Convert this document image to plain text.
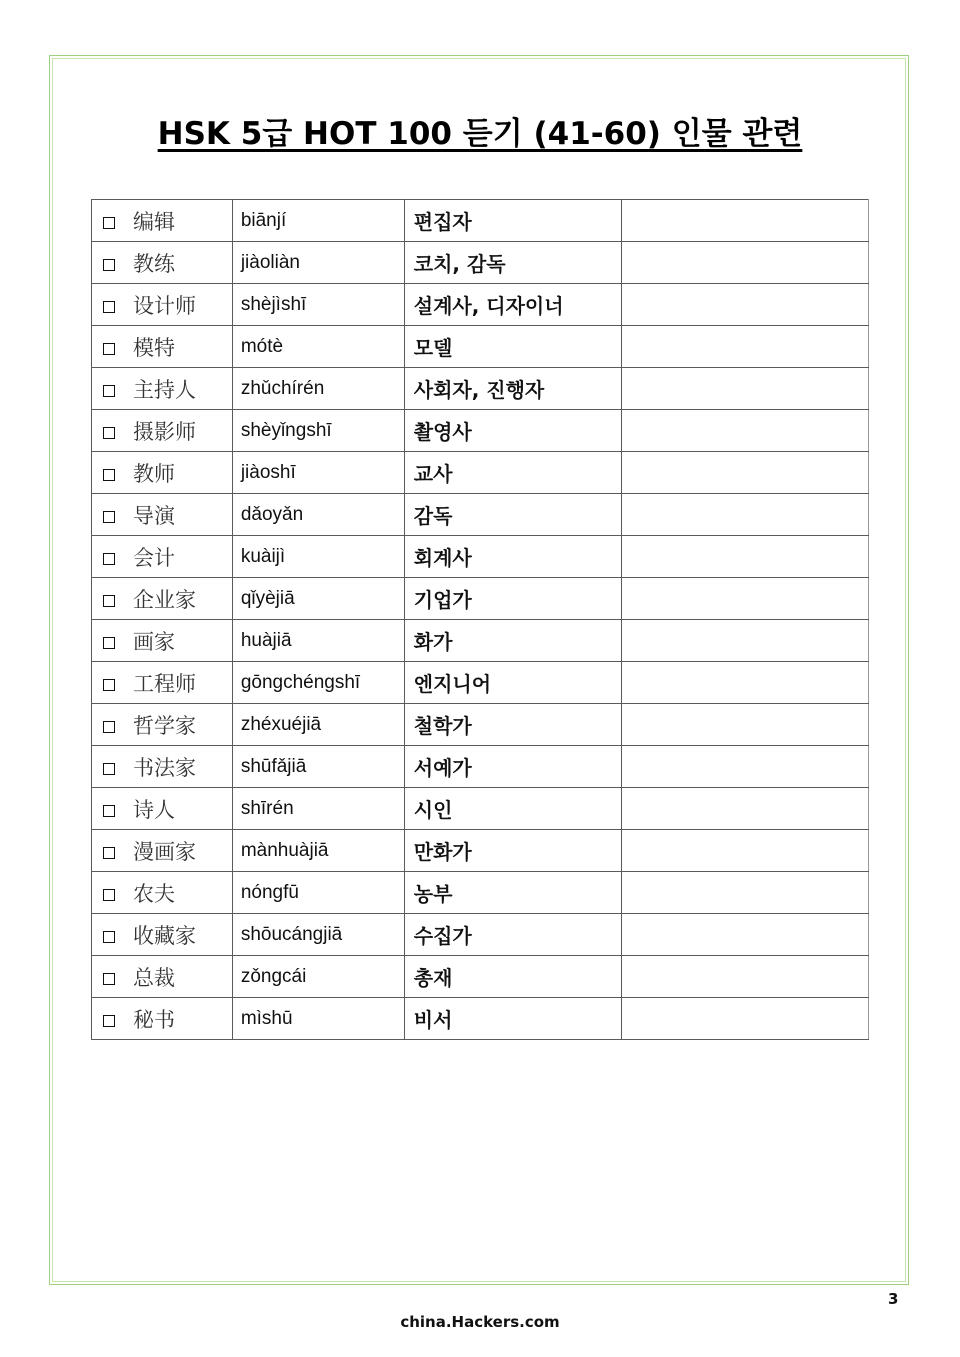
HSK 5급 HOT 100 듣기 (41-60) 인물 관련
编辑	biānjí	편집자	
教练	jiàoliàn	코치, 감독	
设计师	shèjìshī	설계사, 디자이너	
模特	mótè	모델	
主持人	zhǔchírén	사회자, 진행자	
摄影师	shèyǐngshī	촬영사	
教师	jiàoshī	교사	
导演	dǎoyǎn	감독	
会计	kuàijì	회계사	
企业家	qǐyèjiā	기업가	
画家	huàjiā	화가	
工程师	gōngchéngshī	엔지니어	
哲学家	zhéxuéjiā	철학가	
书法家	shūfǎjiā	서예가	
诗人	shīrén	시인	
漫画家	mànhuàjiā	만화가	
农夫	nóngfū	농부	
收藏家	shōucángjiā	수집가	
总裁	zǒngcái	총재	
秘书	mìshū	비서	
3
china.Hackers.com
